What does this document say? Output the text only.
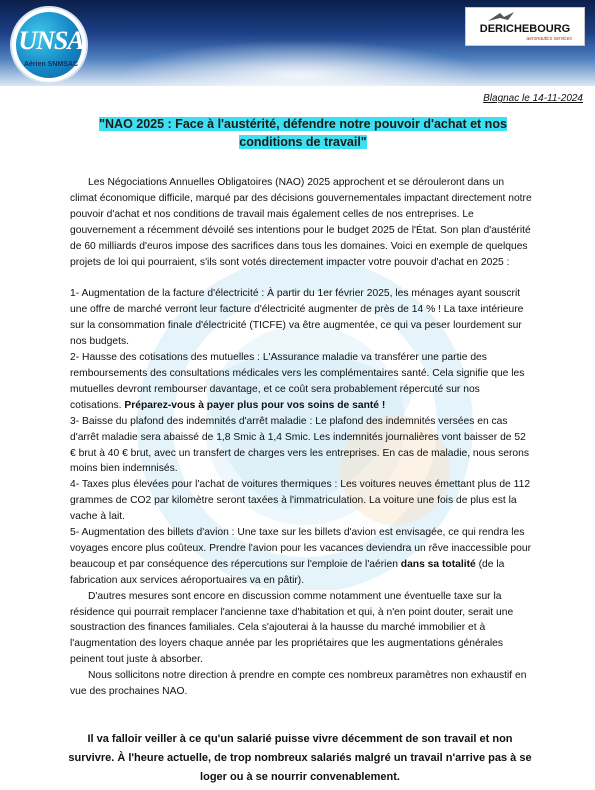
UNSA
Aérien SNMSAC
DERICHEBOURG
aeronautics services
Blagnac le 14-11-2024
"NAO 2025 : Face à l'austérité, défendre notre pouvoir d'achat et nos conditions de travail"

Les Négociations Annuelles Obligatoires (NAO) 2025 approchent et se dérouleront dans un climat économique difficile, marqué par des décisions gouvernementales impactant directement notre pouvoir d'achat et nos conditions de travail mais également celles de nos entreprises. Le gouvernement a récemment dévoilé ses intentions pour le budget 2025 de l'État. Son plan d'austérité de 60 milliards d'euros impose des sacrifices dans tous les domaines. Voici en exemple de quelques projets de loi qui pourraient, s'ils sont votés directement impacter votre pouvoir d'achat en 2025 :

1- Augmentation de la facture d'électricité : À partir du 1er février 2025, les ménages ayant souscrit une offre de marché verront leur facture d'électricité augmenter de près de 14 % ! La taxe intérieure sur la consommation finale d'électricité (TICFE) va être augmentée, ce qui va peser lourdement sur nos budgets.

2- Hausse des cotisations des mutuelles : L'Assurance maladie va transférer une partie des remboursements des consultations médicales vers les complémentaires santé. Cela signifie que les mutuelles devront rembourser davantage, et ce coût sera probablement répercuté sur nos cotisations. Préparez-vous à payer plus pour vos soins de santé !

3- Baisse du plafond des indemnités d'arrêt maladie : Le plafond des indemnités versées en cas d'arrêt maladie sera abaissé de 1,8 Smic à 1,4 Smic. Les indemnités journalières vont baisser de 52 € brut à 40 € brut, avec un transfert de charges vers les entreprises. En cas de maladie, nous serons moins bien indemnisés.

4- Taxes plus élevées pour l'achat de voitures thermiques : Les voitures neuves émettant plus de 112 grammes de CO2 par kilomètre seront taxées à l'immatriculation. La voiture une fois de plus est la vache à lait.

5- Augmentation des billets d'avion : Une taxe sur les billets d'avion est envisagée, ce qui rendra les voyages encore plus coûteux. Prendre l'avion pour les vacances deviendra un rêve inaccessible pour beaucoup et par conséquence des répercutions sur l'emploie de l'aérien dans sa totalité (de la fabrication aux services aéroportuaires va en pâtir).

D'autres mesures sont encore en discussion comme notamment une éventuelle taxe sur la résidence qui pourrait remplacer l'ancienne taxe d'habitation et qui, à n'en point douter, serait une soustraction des finances familiales. Cela s'ajouterai à la hausse du marché immobilier et à l'augmentation des loyers chaque année par les propriétaires que les augmentations générales peinent tout juste à absorber.

Nous sollicitons notre direction à prendre en compte ces nombreux paramètres non exhaustif en vue des prochaines NAO.

Il va falloir veiller à ce qu'un salarié puisse vivre décemment de son travail et non survivre. À l'heure actuelle, de trop nombreux salariés malgré un travail n'arrive pas à se loger ou à se nourrir convenablement.
